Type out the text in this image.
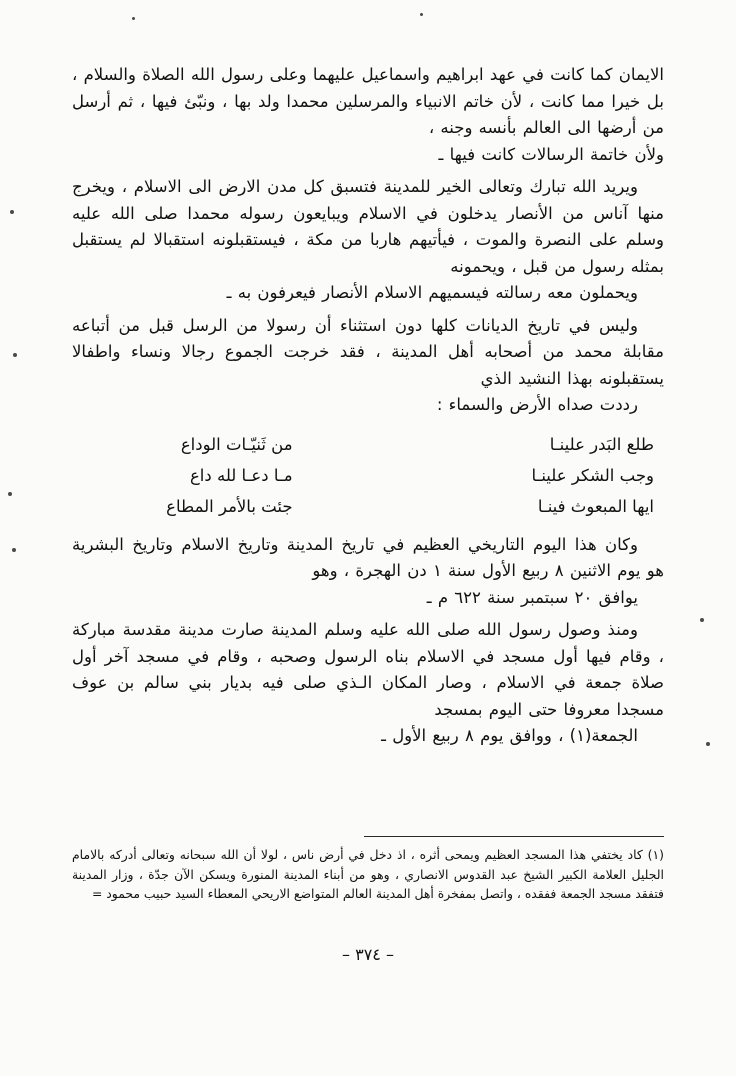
الايمان كما كانت في عهد ابراهيم واسماعيل عليهما وعلى رسول الله الصلاة والسلام ، بل خيرا مما كانت ، لأن خاتم الانبياء والمرسلين محمدا ولد بها ، ونبّئ فيها ، ثم أرسل من أرضها الى العالم بأنسه وجنه ،
ولأن خاتمة الرسالات كانت فيها ـ

ويريد الله تبارك وتعالى الخير للمدينة فتسبق كل مدن الارض الى الاسلام ، ويخرج منها آناس من الأنصار يدخلون في الاسلام ويبايعون رسوله محمدا صلى الله عليه وسلم على النصرة والموت ، فيأتيهم هاربا من مكة ، فيستقبلونه استقبالا لم يستقبل بمثله رسول من قبل ، ويحمونه
ويحملون معه رسالته فيسميهم الاسلام الأنصار فيعرفون به ـ

وليس في تاريخ الديانات كلها دون استثناء أن رسولا من الرسل قبل من أتباعه مقابلة محمد من أصحابه أهل المدينة ، فقد خرجت الجموع رجالا ونساء واطفالا يستقبلونه بهذا النشيد الذي
رددت صداه الأرض والسماء :

طلع البَدر علينـا	من ثَنيّـات الوداع
وجب الشكر علينـا	مـا دعـا لله داع
ايها المبعوث فينـا	جئت بالأمر المطاع

وكان هذا اليوم التاريخي العظيم في تاريخ المدينة وتاريخ الاسلام وتاريخ البشرية هو يوم الاثنين ٨ ربيع الأول سنة ١ دن الهجرة ، وهو
يوافق ٢٠ سبتمبر سنة ٦٢٢ م ـ

ومنذ وصول رسول الله صلى الله عليه وسلم المدينة صارت مدينة مقدسة مباركة ، وقام فيها أول مسجد في الاسلام بناه الرسول وصحبه ، وقام في مسجد آخر أول صلاة جمعة في الاسلام ، وصار المكان الـذي صلى فيه بديار بني سالم بن عوف مسجدا معروفا حتى اليوم بمسجد
الجمعة(١) ، ووافق يوم ٨ ربيع الأول ـ

(١) كاد يختفي هذا المسجد العظيم ويمحى أثره ، اذ دخل في أرض ناس ، لولا أن الله سبحانه وتعالى أدركه بالامام الجليل العلامة الكبير الشيخ عبد القدوس الانصاري ، وهو من أبناء المدينة المنورة ويسكن الآن جدّة ، وزار المدينة فتفقد مسجد الجمعة ففقده ، واتصل بمفخرة أهل المدينة العالم المتواضع الاريحي المعطاء السيد حبيب محمود =

– ٣٧٤ –
